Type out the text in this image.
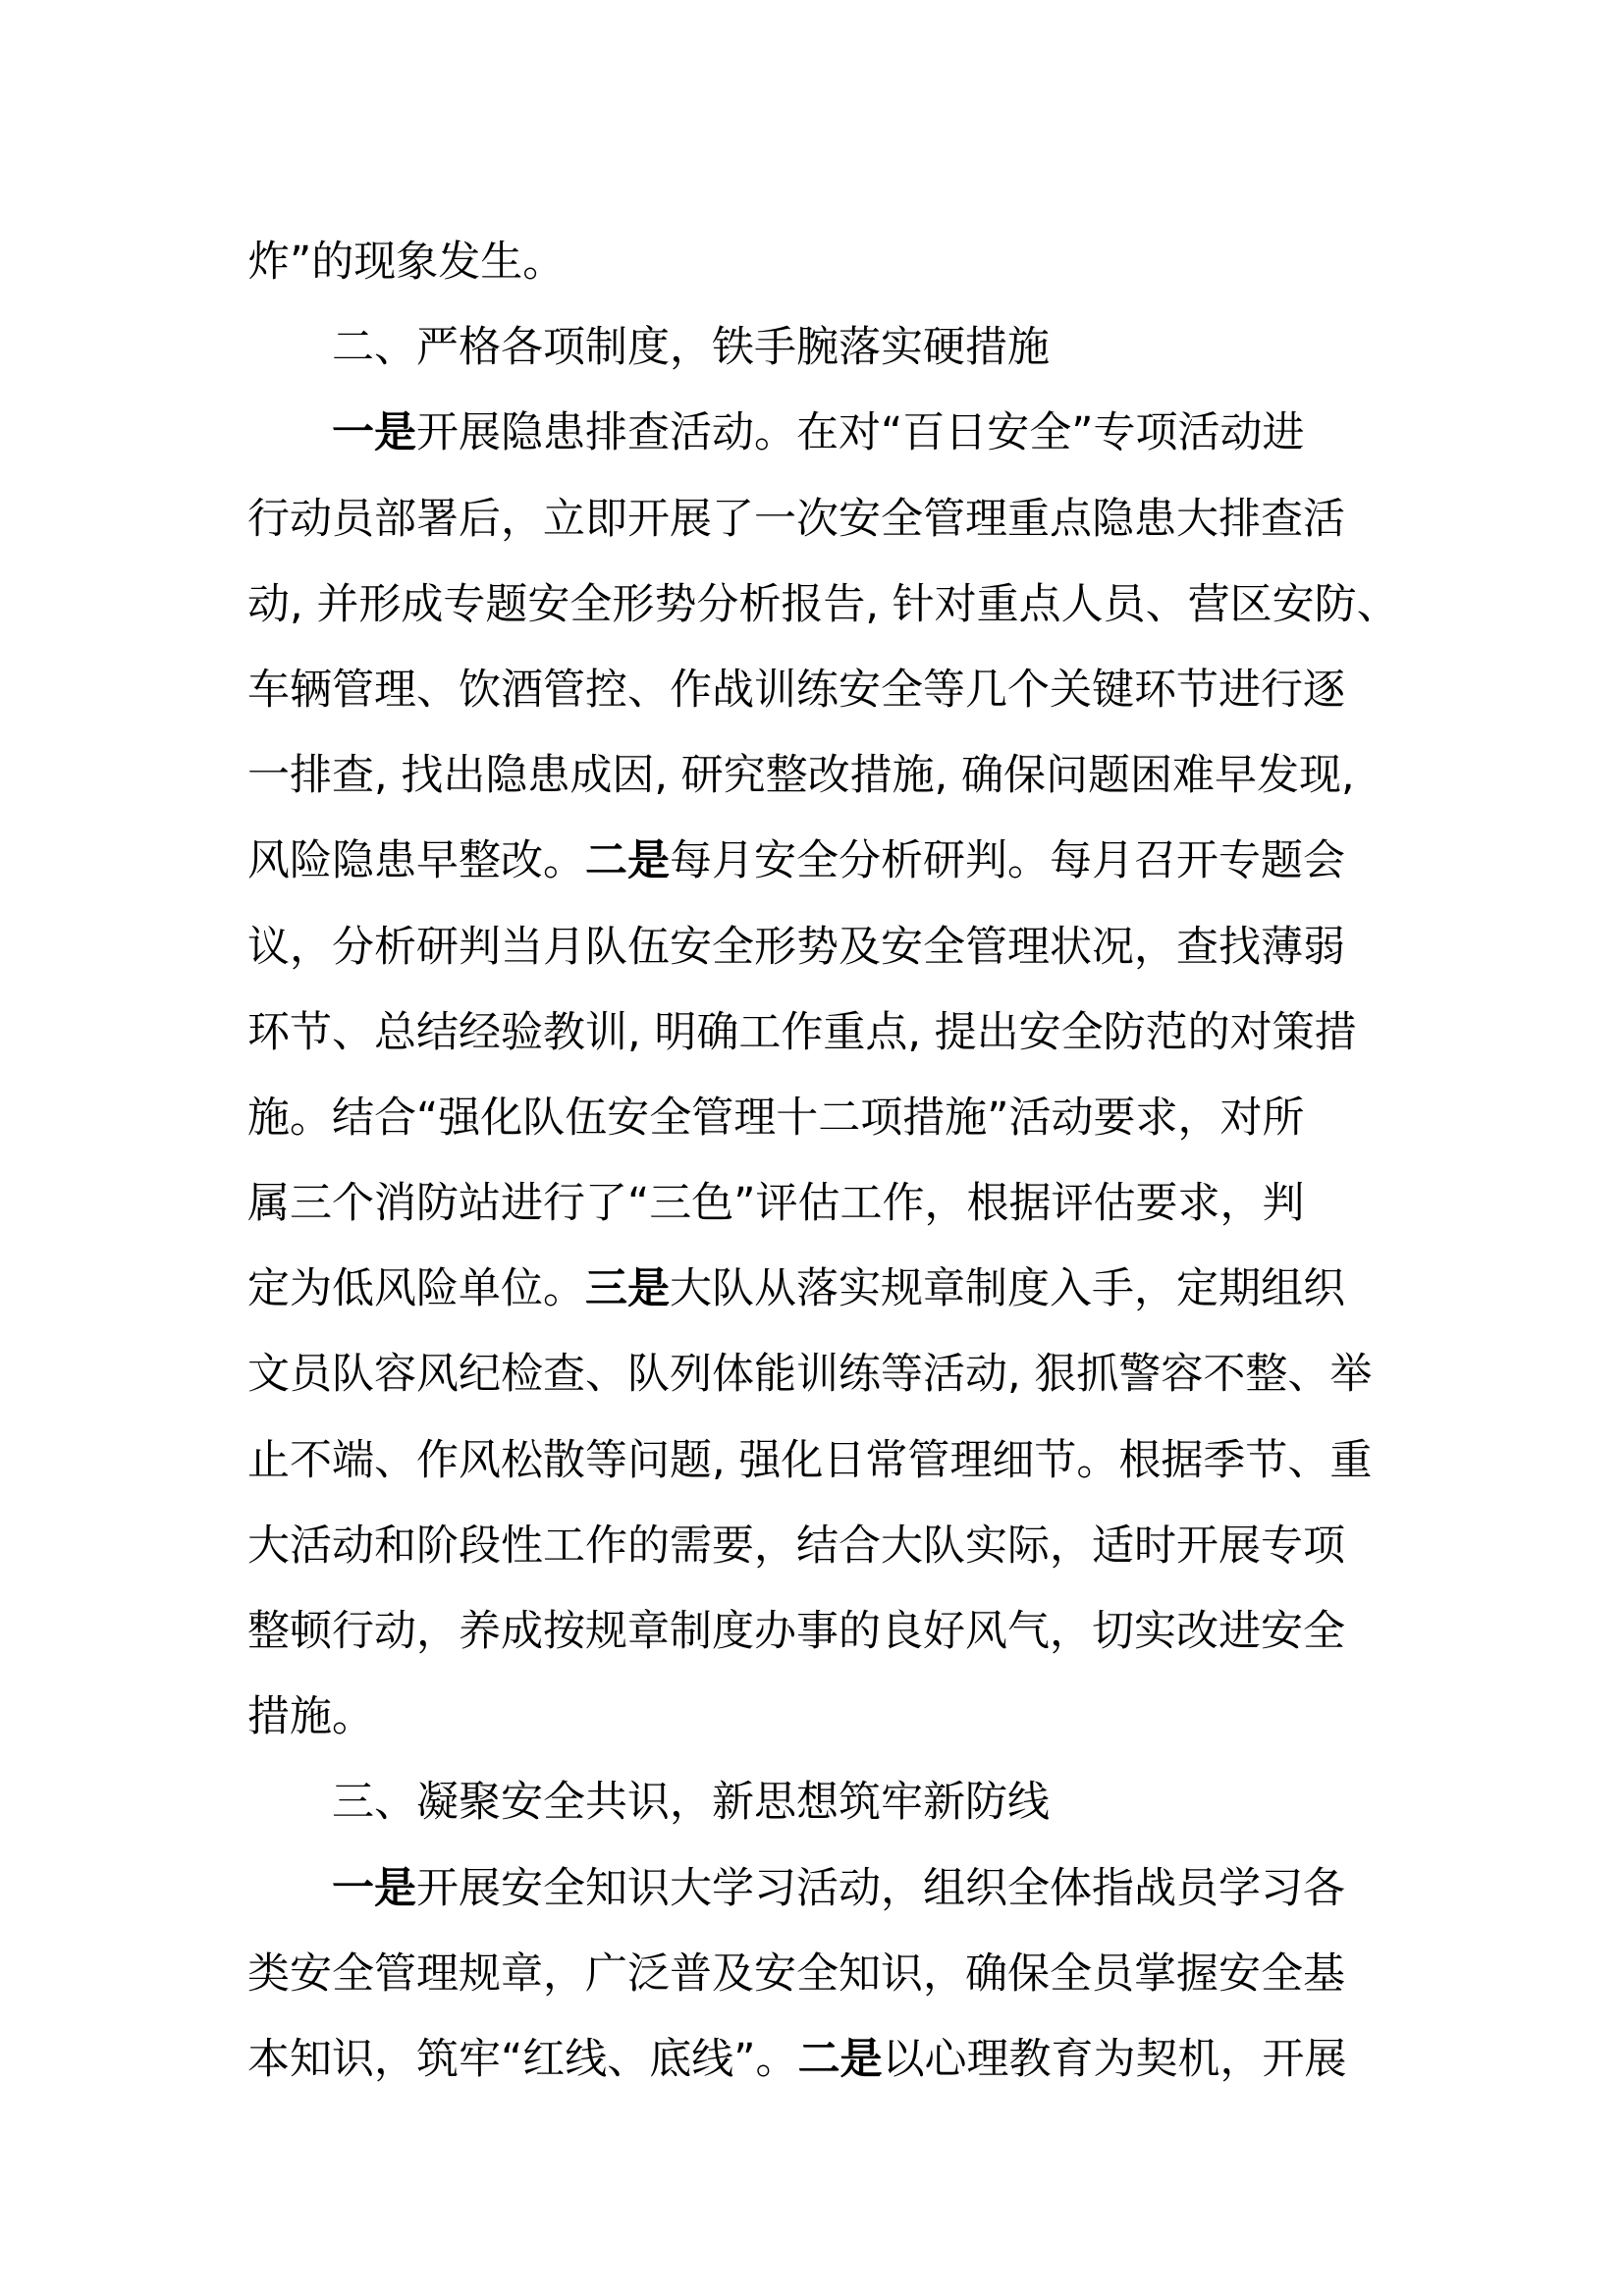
炸”的现象发生。
二、严格各项制度，铁手腕落实硬措施
一是开展隐患排查活动。在对“百日安全”专项活动进
行动员部署后，立即开展了一次安全管理重点隐患大排查活
动, 并形成专题安全形势分析报告, 针对重点人员、营区安防、
车辆管理、饮酒管控、作战训练安全等几个关键环节进行逐
一排查, 找出隐患成因, 研究整改措施, 确保问题困难早发现,
风险隐患早整改。二是每月安全分析研判。每月召开专题会
议，分析研判当月队伍安全形势及安全管理状况，查找薄弱
环节、总结经验教训, 明确工作重点, 提出安全防范的对策措
施。结合“强化队伍安全管理十二项措施”活动要求，对所
属三个消防站进行了“三色”评估工作，根据评估要求，判
定为低风险单位。三是大队从落实规章制度入手，定期组织
文员队容风纪检查、队列体能训练等活动, 狠抓警容不整、举
止不端、作风松散等问题, 强化日常管理细节。根据季节、重
大活动和阶段性工作的需要，结合大队实际，适时开展专项
整顿行动，养成按规章制度办事的良好风气，切实改进安全
措施。
三、凝聚安全共识，新思想筑牢新防线
一是开展安全知识大学习活动，组织全体指战员学习各
类安全管理规章，广泛普及安全知识，确保全员掌握安全基
本知识，筑牢“红线、底线”。二是以心理教育为契机，开展
